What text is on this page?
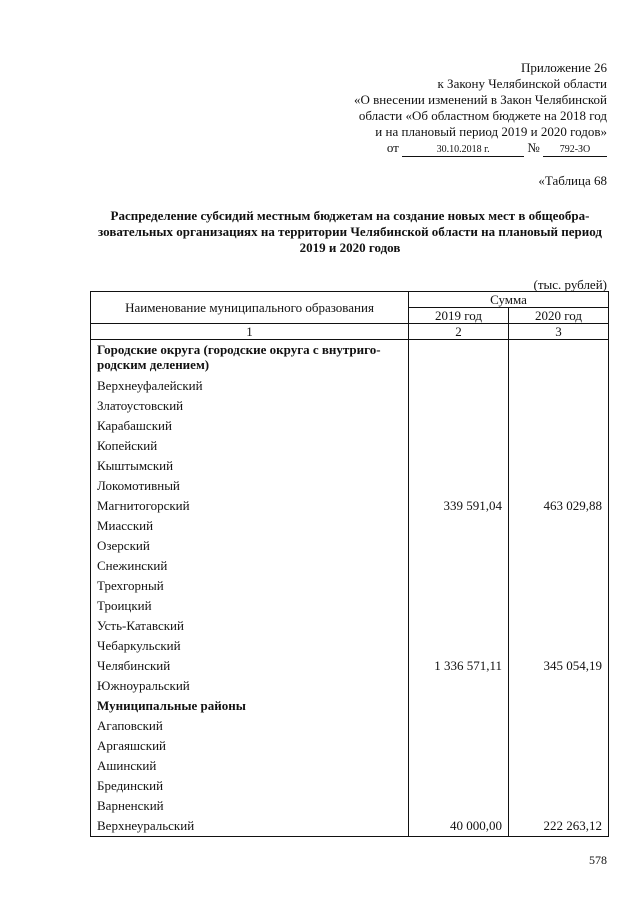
Приложение 26
к Закону Челябинской области
«О внесении изменений в Закон Челябинской
области «Об областном бюджете на 2018 год
и на плановый период 2019 и 2020 годов»
от	30.10.2018 г.	№ 792-ЗО
«Таблица 68
Распределение субсидий местным бюджетам на создание новых мест в общеобра-зовательных организациях на территории Челябинской области на плановый период 2019 и 2020 годов
(тыс. рублей)
Наименование муниципального образования	Сумма	
	2019 год	2020 год
1	2	3
Городские округа (городские округа с внутриго-родским делением)		
Верхнеуфалейский		
Златоустовский		
Карабашский		
Копейский		
Кыштымский		
Локомотивный		
Магнитогорский	339 591,04	463 029,88
Миасский		
Озерский		
Снежинский		
Трехгорный		
Троицкий		
Усть-Катавский		
Чебаркульский		
Челябинский	1 336 571,11	345 054,19
Южноуральский		
Муниципальные районы		
Агаповский		
Аргаяшский		
Ашинский		
Брединский		
Варненский		
Верхнеуральский	40 000,00	222 263,12
578
